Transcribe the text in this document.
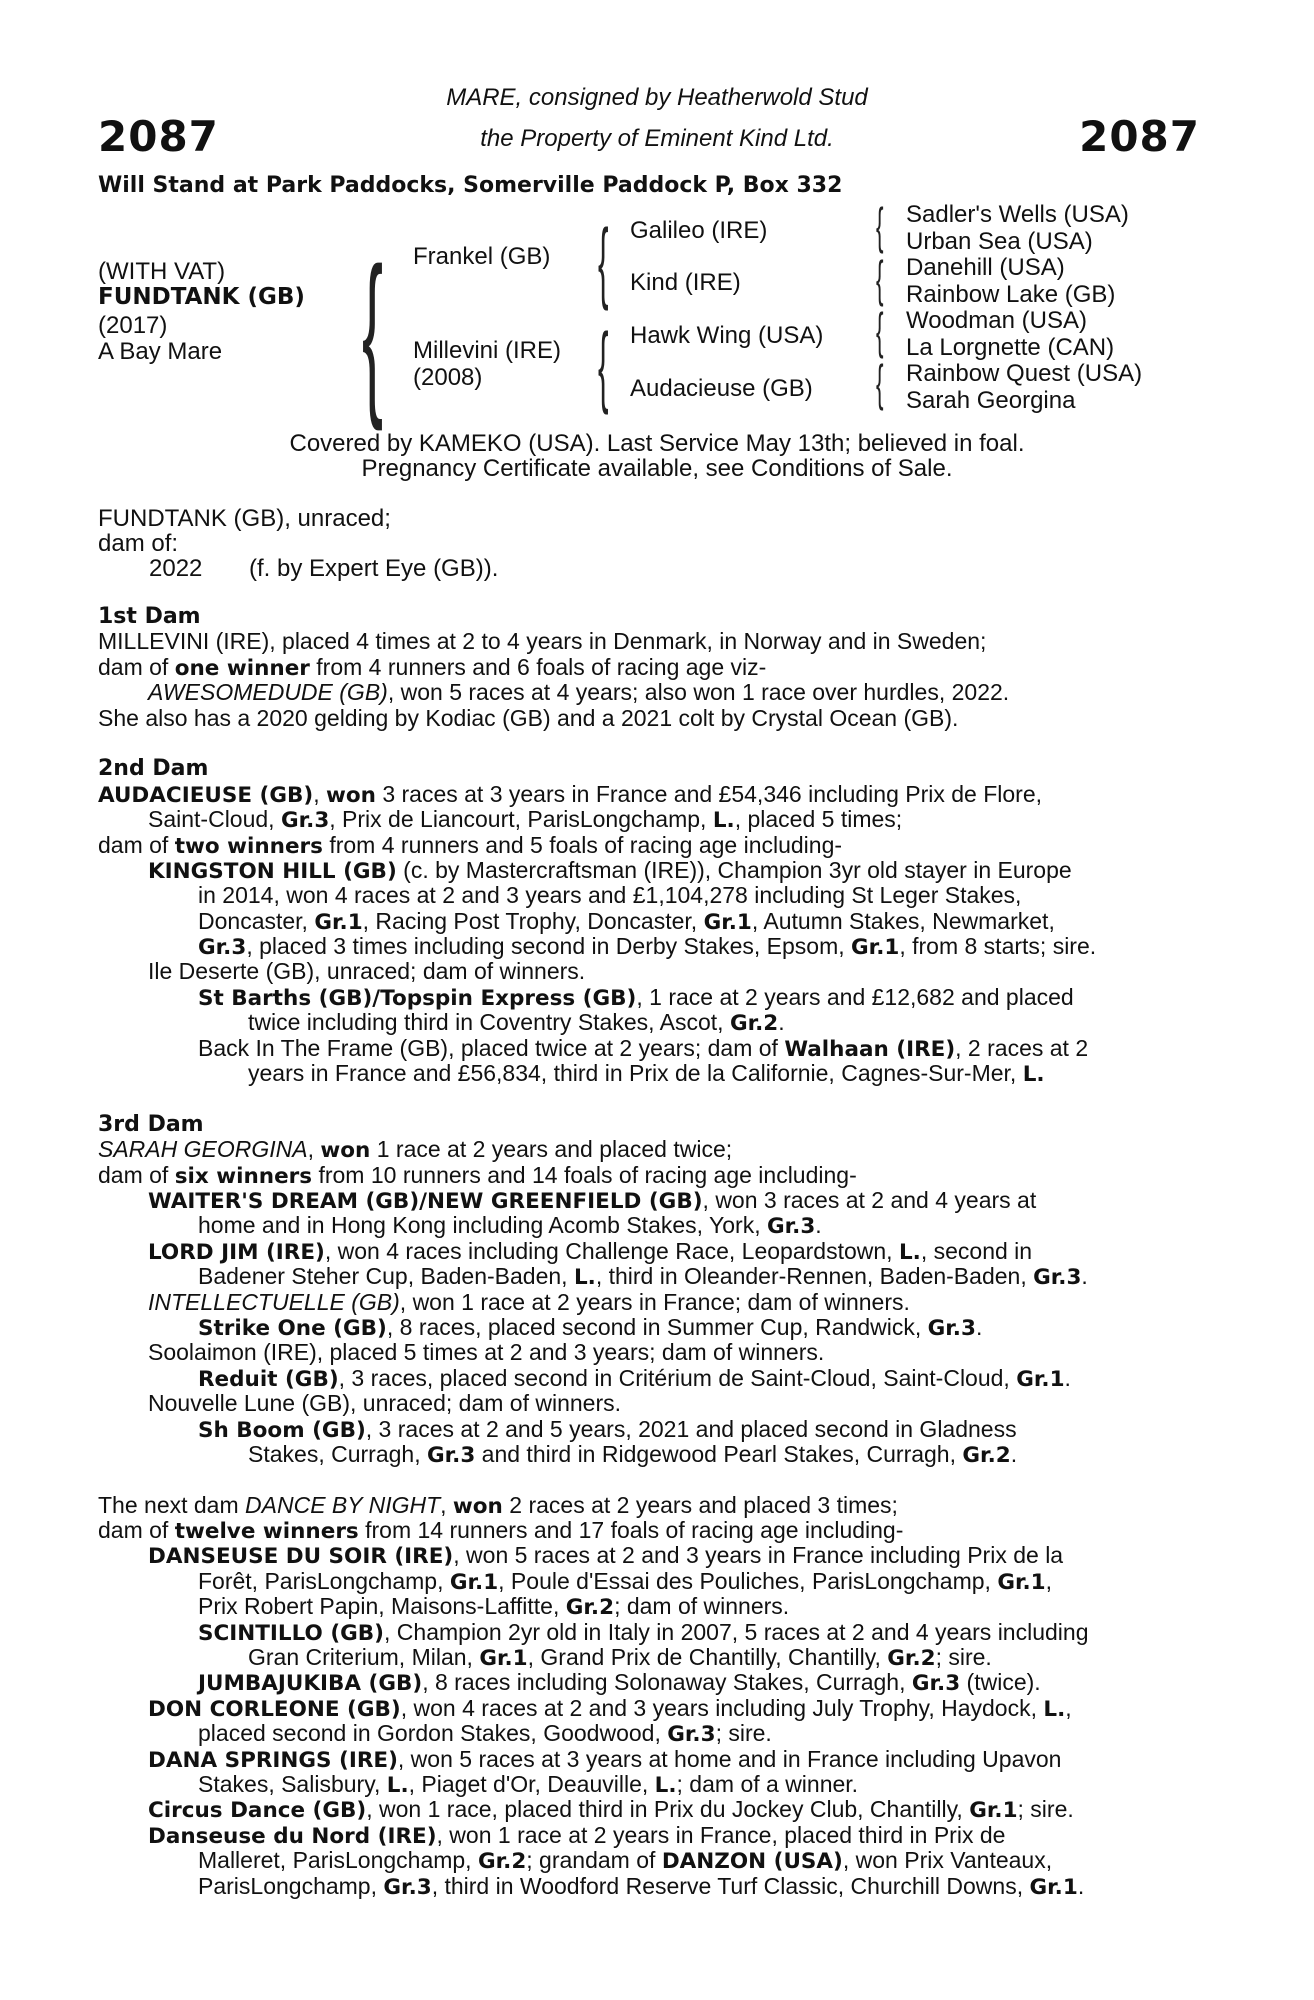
2087	2087
MARE, consigned by Heatherwold Stud
the Property of Eminent Kind Ltd.
Will Stand at Park Paddocks, Somerville Paddock P, Box 332
(WITH VAT)
FUNDTANK (GB)
(2017)
A Bay Mare { {
{
{
{
{
{
Frankel (GB)
Millevini (IRE)
(2008)
Galileo (IRE)
Kind (IRE)
Hawk Wing (USA)
Audacieuse (GB)
Sadler's Wells (USA)
Urban Sea (USA)
Danehill (USA)
Rainbow Lake (GB)
Woodman (USA)
La Lorgnette (CAN)
Rainbow Quest (USA)
Sarah Georgina
Covered by KAMEKO (USA). Last Service May 13th; believed in foal.
Pregnancy Certificate available, see Conditions of Sale.
FUNDTANK (GB), unraced;
dam of:
2022 (f. by Expert Eye (GB)).
1st Dam
MILLEVINI (IRE), placed 4 times at 2 to 4 years in Denmark, in Norway and in Sweden;
dam of one winner from 4 runners and 6 foals of racing age viz-
AWESOMEDUDE (GB), won 5 races at 4 years; also won 1 race over hurdles, 2022.
She also has a 2020 gelding by Kodiac (GB) and a 2021 colt by Crystal Ocean (GB).
2nd Dam
AUDACIEUSE (GB), won 3 races at 3 years in France and £54,346 including Prix de Flore,
Saint-Cloud, Gr.3, Prix de Liancourt, ParisLongchamp, L., placed 5 times;
dam of two winners from 4 runners and 5 foals of racing age including-
KINGSTON HILL (GB) (c. by Mastercraftsman (IRE)), Champion 3yr old stayer in Europe
in 2014, won 4 races at 2 and 3 years and £1,104,278 including St Leger Stakes,
Doncaster, Gr.1, Racing Post Trophy, Doncaster, Gr.1, Autumn Stakes, Newmarket,
Gr.3, placed 3 times including second in Derby Stakes, Epsom, Gr.1, from 8 starts; sire.
Ile Deserte (GB), unraced; dam of winners.
St Barths (GB)/Topspin Express (GB), 1 race at 2 years and £12,682 and placed
twice including third in Coventry Stakes, Ascot, Gr.2.
Back In The Frame (GB), placed twice at 2 years; dam of Walhaan (IRE), 2 races at 2
years in France and £56,834, third in Prix de la Californie, Cagnes-Sur-Mer, L.
3rd Dam
SARAH GEORGINA, won 1 race at 2 years and placed twice;
dam of six winners from 10 runners and 14 foals of racing age including-
WAITER'S DREAM (GB)/NEW GREENFIELD (GB), won 3 races at 2 and 4 years at
home and in Hong Kong including Acomb Stakes, York, Gr.3.
LORD JIM (IRE), won 4 races including Challenge Race, Leopardstown, L., second in
Badener Steher Cup, Baden-Baden, L., third in Oleander-Rennen, Baden-Baden, Gr.3.
INTELLECTUELLE (GB), won 1 race at 2 years in France; dam of winners.
Strike One (GB), 8 races, placed second in Summer Cup, Randwick, Gr.3.
Soolaimon (IRE), placed 5 times at 2 and 3 years; dam of winners.
Reduit (GB), 3 races, placed second in Critérium de Saint-Cloud, Saint-Cloud, Gr.1.
Nouvelle Lune (GB), unraced; dam of winners.
Sh Boom (GB), 3 races at 2 and 5 years, 2021 and placed second in Gladness
Stakes, Curragh, Gr.3 and third in Ridgewood Pearl Stakes, Curragh, Gr.2.
The next dam DANCE BY NIGHT, won 2 races at 2 years and placed 3 times;
dam of twelve winners from 14 runners and 17 foals of racing age including-
DANSEUSE DU SOIR (IRE), won 5 races at 2 and 3 years in France including Prix de la
Forêt, ParisLongchamp, Gr.1, Poule d'Essai des Pouliches, ParisLongchamp, Gr.1,
Prix Robert Papin, Maisons-Laffitte, Gr.2; dam of winners.
SCINTILLO (GB), Champion 2yr old in Italy in 2007, 5 races at 2 and 4 years including
Gran Criterium, Milan, Gr.1, Grand Prix de Chantilly, Chantilly, Gr.2; sire.
JUMBAJUKIBA (GB), 8 races including Solonaway Stakes, Curragh, Gr.3 (twice).
DON CORLEONE (GB), won 4 races at 2 and 3 years including July Trophy, Haydock, L.,
placed second in Gordon Stakes, Goodwood, Gr.3; sire.
DANA SPRINGS (IRE), won 5 races at 3 years at home and in France including Upavon
Stakes, Salisbury, L., Piaget d'Or, Deauville, L.; dam of a winner.
Circus Dance (GB), won 1 race, placed third in Prix du Jockey Club, Chantilly, Gr.1; sire.
Danseuse du Nord (IRE), won 1 race at 2 years in France, placed third in Prix de
Malleret, ParisLongchamp, Gr.2; grandam of DANZON (USA), won Prix Vanteaux,
ParisLongchamp, Gr.3, third in Woodford Reserve Turf Classic, Churchill Downs, Gr.1.
